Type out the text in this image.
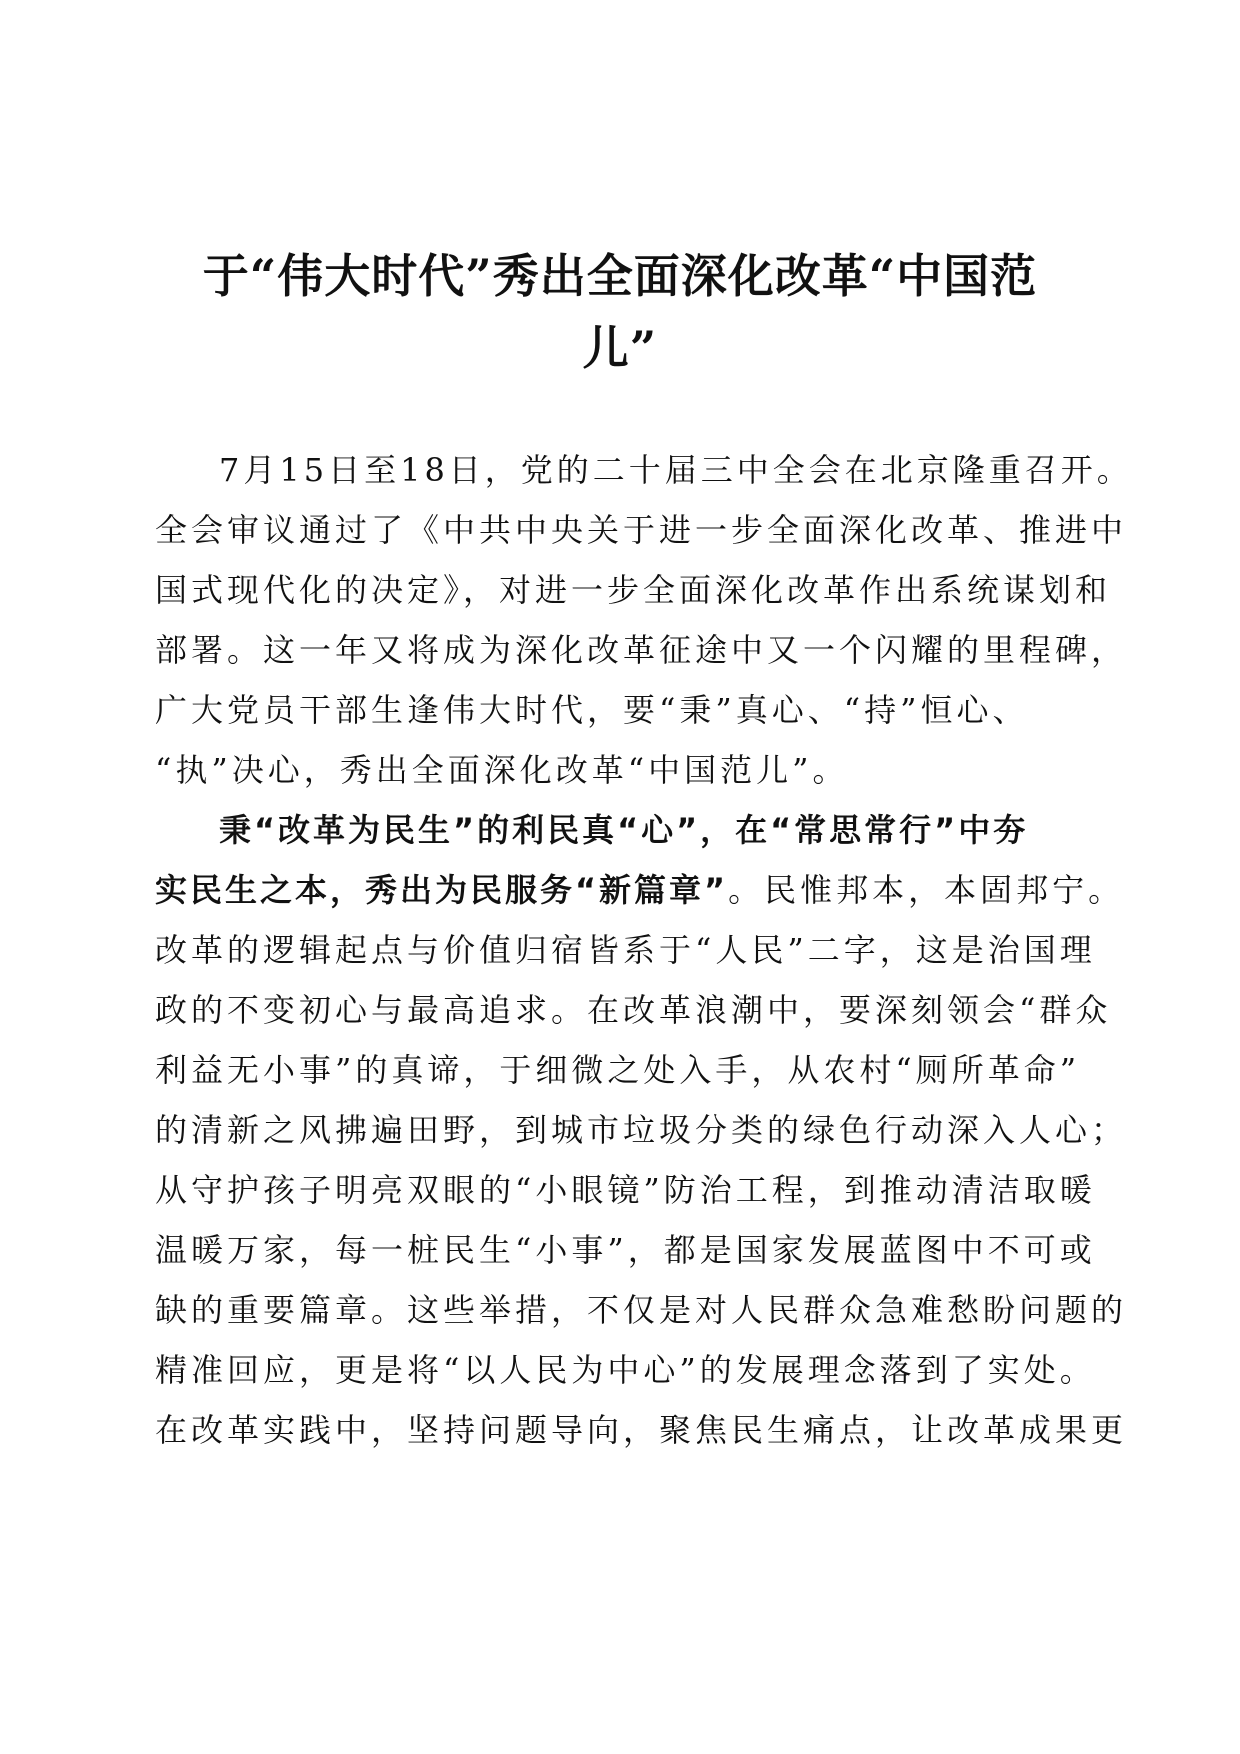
于“伟大时代”秀出全面深化改革“中国范
儿”
7月15日至18日，党的二十届三中全会在北京隆重召开。
全会审议通过了《中共中央关于进一步全面深化改革、推进中
国式现代化的决定》，对进一步全面深化改革作出系统谋划和
部署。这一年又将成为深化改革征途中又一个闪耀的里程碑，
广大党员干部生逢伟大时代，要“秉”真心、“持”恒心、
“执”决心，秀出全面深化改革“中国范儿”。
秉“改革为民生”的利民真“心”，在“常思常行”中夯
实民生之本，秀出为民服务“新篇章”。民惟邦本，本固邦宁。
改革的逻辑起点与价值归宿皆系于“人民”二字，这是治国理
政的不变初心与最高追求。在改革浪潮中，要深刻领会“群众
利益无小事”的真谛，于细微之处入手，从农村“厕所革命”
的清新之风拂遍田野，到城市垃圾分类的绿色行动深入人心；
从守护孩子明亮双眼的“小眼镜”防治工程，到推动清洁取暖
温暖万家，每一桩民生“小事”，都是国家发展蓝图中不可或
缺的重要篇章。这些举措，不仅是对人民群众急难愁盼问题的
精准回应，更是将“以人民为中心”的发展理念落到了实处。
在改革实践中，坚持问题导向，聚焦民生痛点，让改革成果更
